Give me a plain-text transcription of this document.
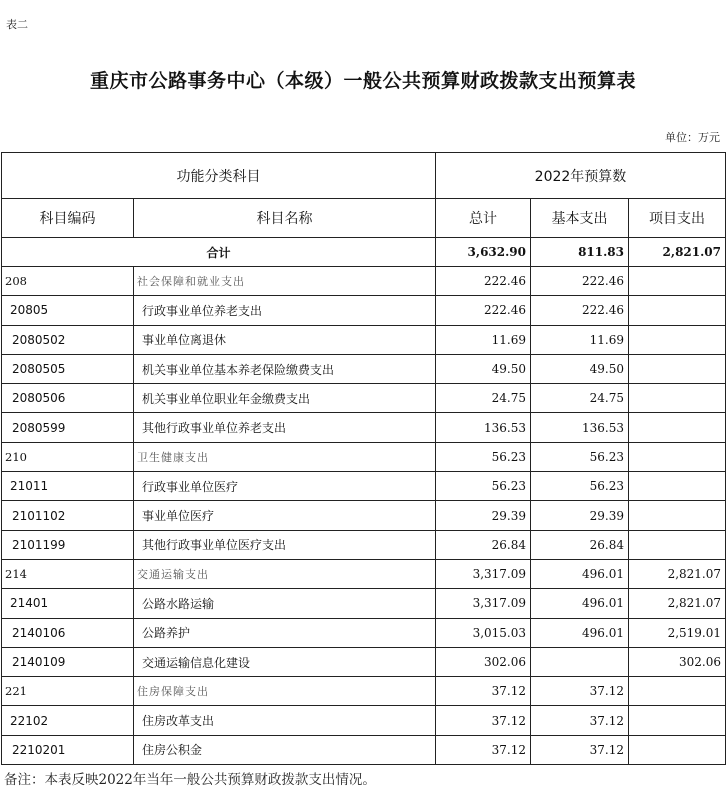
表二
重庆市公路事务中心（本级）一般公共预算财政拨款支出预算表
单位：万元
功能分类科目		2022年预算数		
科目编码	科目名称	总计	基本支出	项目支出
合计		3,632.90	811.83	2,821.07
208	社会保障和就业支出	222.46	222.46	
20805	行政事业单位养老支出	222.46	222.46	
2080502	事业单位离退休	11.69	11.69	
2080505	机关事业单位基本养老保险缴费支出	49.50	49.50	
2080506	机关事业单位职业年金缴费支出	24.75	24.75	
2080599	其他行政事业单位养老支出	136.53	136.53	
210	卫生健康支出	56.23	56.23	
21011	行政事业单位医疗	56.23	56.23	
2101102	事业单位医疗	29.39	29.39	
2101199	其他行政事业单位医疗支出	26.84	26.84	
214	交通运输支出	3,317.09	496.01	2,821.07
21401	公路水路运输	3,317.09	496.01	2,821.07
2140106	公路养护	3,015.03	496.01	2,519.01
2140109	交通运输信息化建设	302.06		302.06
221	住房保障支出	37.12	37.12	
22102	住房改革支出	37.12	37.12	
2210201	住房公积金	37.12	37.12	
备注：本表反映2022年当年一般公共预算财政拨款支出情况。
